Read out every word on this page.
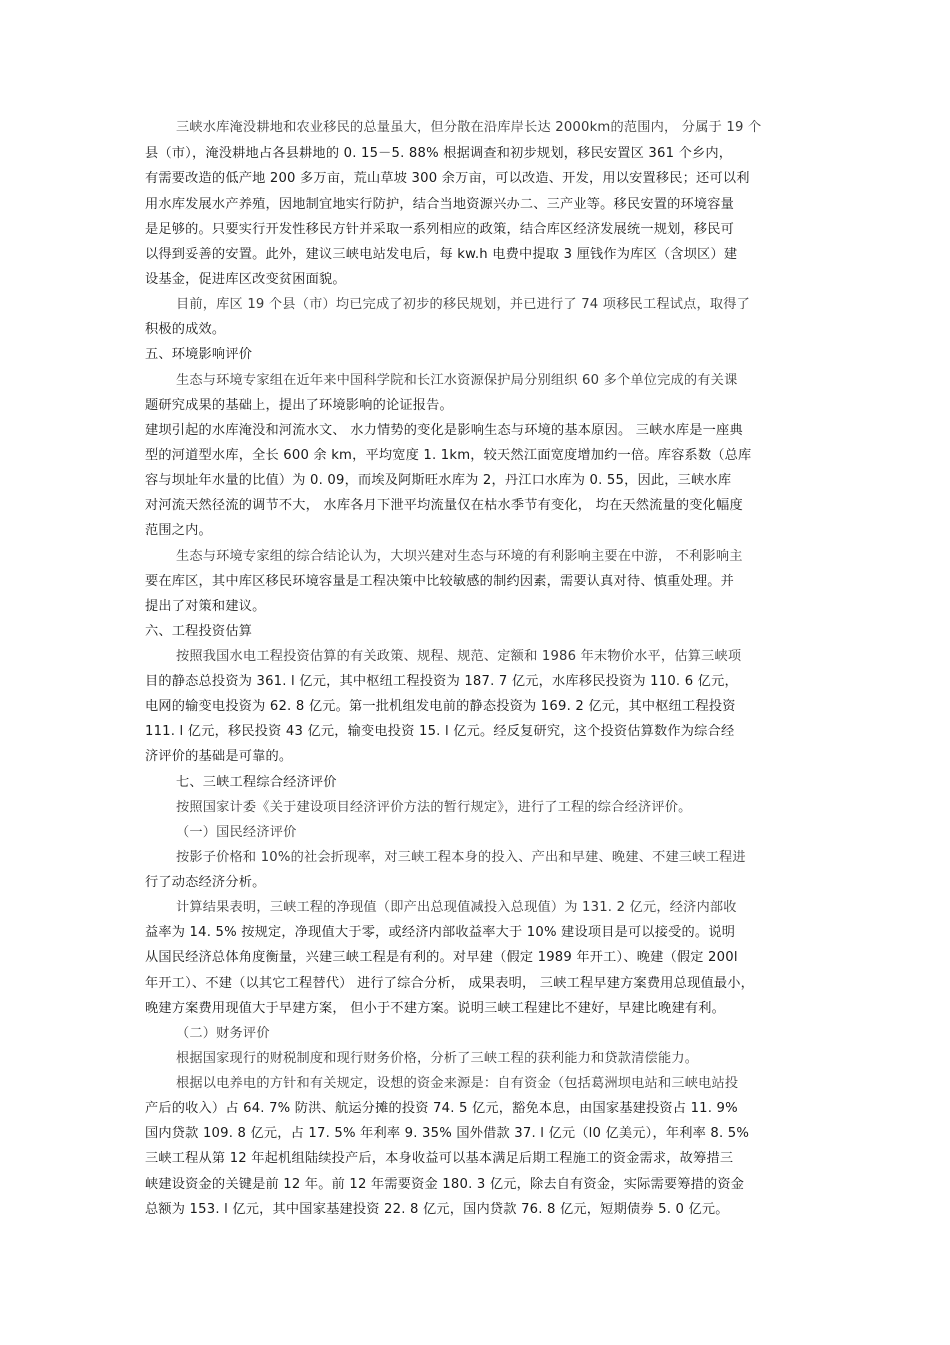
三峡水库淹没耕地和农业移民的总量虽大，但分散在沿库岸长达 2000km的范围内， 分属于 19 个
县（市），淹没耕地占各县耕地的 0. 15－5. 88% 根据调查和初步规划，移民安置区 361 个乡内，
有需要改造的低产地 200 多万亩，荒山草坡 300 余万亩，可以改造、开发，用以安置移民；还可以利
用水库发展水产养殖，因地制宜地实行防护，结合当地资源兴办二、三产业等。移民安置的环境容量
是足够的。只要实行开发性移民方针并采取一系列相应的政策，结合库区经济发展统一规划，移民可
以得到妥善的安置。此外，建议三峡电站发电后，每 kw.h 电费中提取 3 厘钱作为库区（含坝区）建
设基金，促进库区改变贫困面貌。
目前，库区 19 个县（市）均已完成了初步的移民规划，并已进行了 74 项移民工程试点，取得了
积极的成效。
五、环境影响评价
生态与环境专家组在近年来中国科学院和长江水资源保护局分别组织 60 多个单位完成的有关课
题研究成果的基础上，提出了环境影响的论证报告。
建坝引起的水库淹没和河流水文、 水力情势的变化是影响生态与环境的基本原因。 三峡水库是一座典
型的河道型水库，全长 600 余 km，平均宽度 1. 1km，较天然江面宽度增加约一倍。库容系数（总库
容与坝址年水量的比值）为 0. 09，而埃及阿斯旺水库为 2，丹江口水库为 0. 55，因此，三峡水库
对河流天然径流的调节不大， 水库各月下泄平均流量仅在枯水季节有变化， 均在天然流量的变化幅度
范围之内。
生态与环境专家组的综合结论认为，大坝兴建对生态与环境的有利影响主要在中游， 不利影响主
要在库区，其中库区移民环境容量是工程决策中比较敏感的制约因素，需要认真对待、慎重处理。并
提出了对策和建议。
六、工程投资估算
按照我国水电工程投资估算的有关政策、规程、规范、定额和 1986 年末物价水平，估算三峡项
目的静态总投资为 361. l 亿元，其中枢纽工程投资为 187. 7 亿元，水库移民投资为 110. 6 亿元，
电网的输变电投资为 62. 8 亿元。第一批机组发电前的静态投资为 169. 2 亿元，其中枢纽工程投资
111. l 亿元，移民投资 43 亿元，输变电投资 15. l 亿元。经反复研究，这个投资估算数作为综合经
济评价的基础是可靠的。
七、三峡工程综合经济评价
按照国家计委《关于建设项目经济评价方法的暂行规定》，进行了工程的综合经济评价。
（一）国民经济评价
按影子价格和 10%的社会折现率，对三峡工程本身的投入、产出和早建、晚建、不建三峡工程进
行了动态经济分析。
计算结果表明，三峡工程的净现值（即产出总现值减投入总现值）为 131. 2 亿元，经济内部收
益率为 14. 5% 按规定，净现值大于零，或经济内部收益率大于 10% 建设项目是可以接受的。说明
从国民经济总体角度衡量，兴建三峡工程是有利的。对早建（假定 1989 年开工）、晚建（假定 200l
年开工）、不建（以其它工程替代） 进行了综合分析， 成果表明， 三峡工程早建方案费用总现值最小，
晚建方案费用现值大于早建方案， 但小于不建方案。说明三峡工程建比不建好，早建比晚建有利。
（二）财务评价
根据国家现行的财税制度和现行财务价格，分析了三峡工程的获利能力和贷款清偿能力。
根据以电养电的方针和有关规定，设想的资金来源是：自有资金（包括葛洲坝电站和三峡电站投
产后的收入）占 64. 7% 防洪、航运分摊的投资 74. 5 亿元，豁免本息，由国家基建投资占 11. 9%
国内贷款 109. 8 亿元，占 17. 5% 年利率 9. 35% 国外借款 37. l 亿元（l0 亿美元），年利率 8. 5%
三峡工程从第 12 年起机组陆续投产后，本身收益可以基本满足后期工程施工的资金需求，故筹措三
峡建设资金的关键是前 12 年。前 12 年需要资金 180. 3 亿元，除去自有资金，实际需要筹措的资金
总额为 153. l 亿元，其中国家基建投资 22. 8 亿元，国内贷款 76. 8 亿元，短期债券 5. 0 亿元。
